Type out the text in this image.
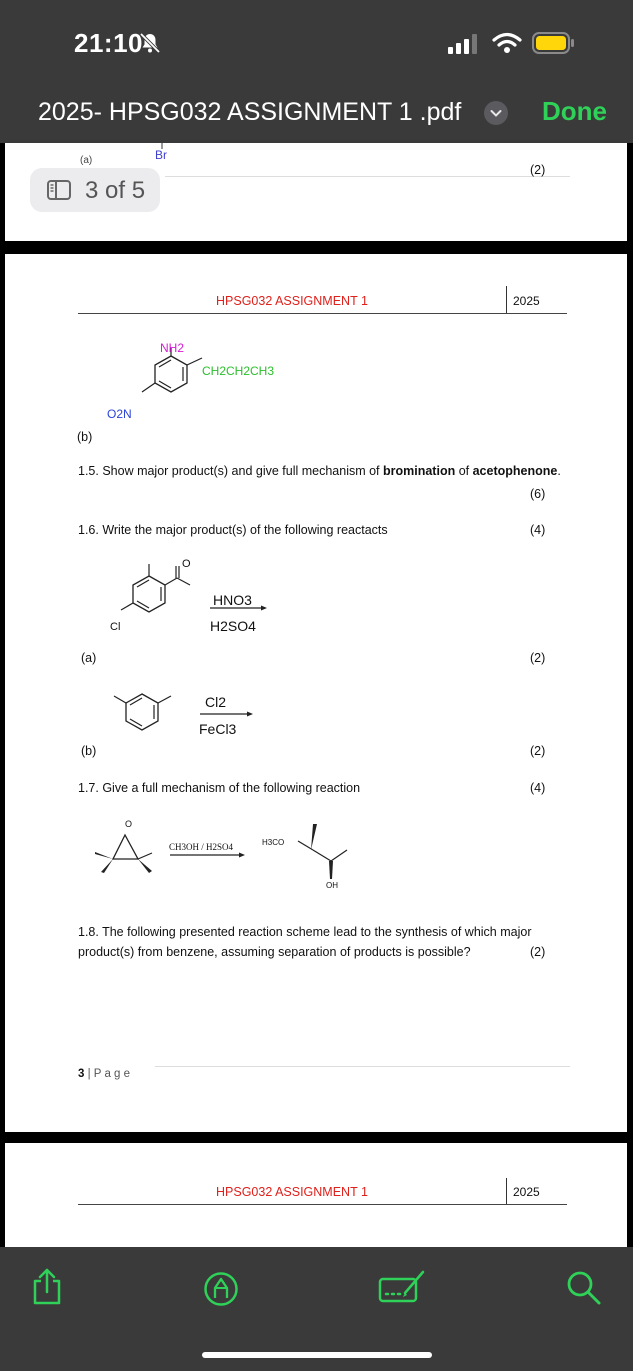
21:10
2025- HPSG032 ASSIGNMENT 1 .pdf	Done
(a)	Br
(2)
3 of 5
HPSG032 ASSIGNMENT 1	2025
NH2
CH2CH2CH3
O2N
(b)
1.5. Show major product(s) and give full mechanism of bromination of acetophenone.
(6)
1.6. Write the major product(s) of the following reactacts	(4)
O
Cl
HNO3
H2SO4
(a)	(2)
Cl2
FeCl3
(b)	(2)
1.7. Give a full mechanism of the following reaction	(4)
O
CH3OH / H2SO4	H3CO
OH
1.8. The following presented reaction scheme lead to the synthesis of which major
product(s) from benzene, assuming separation of products is possible?	(2)
3 | P a g e
HPSG032 ASSIGNMENT 1	2025
